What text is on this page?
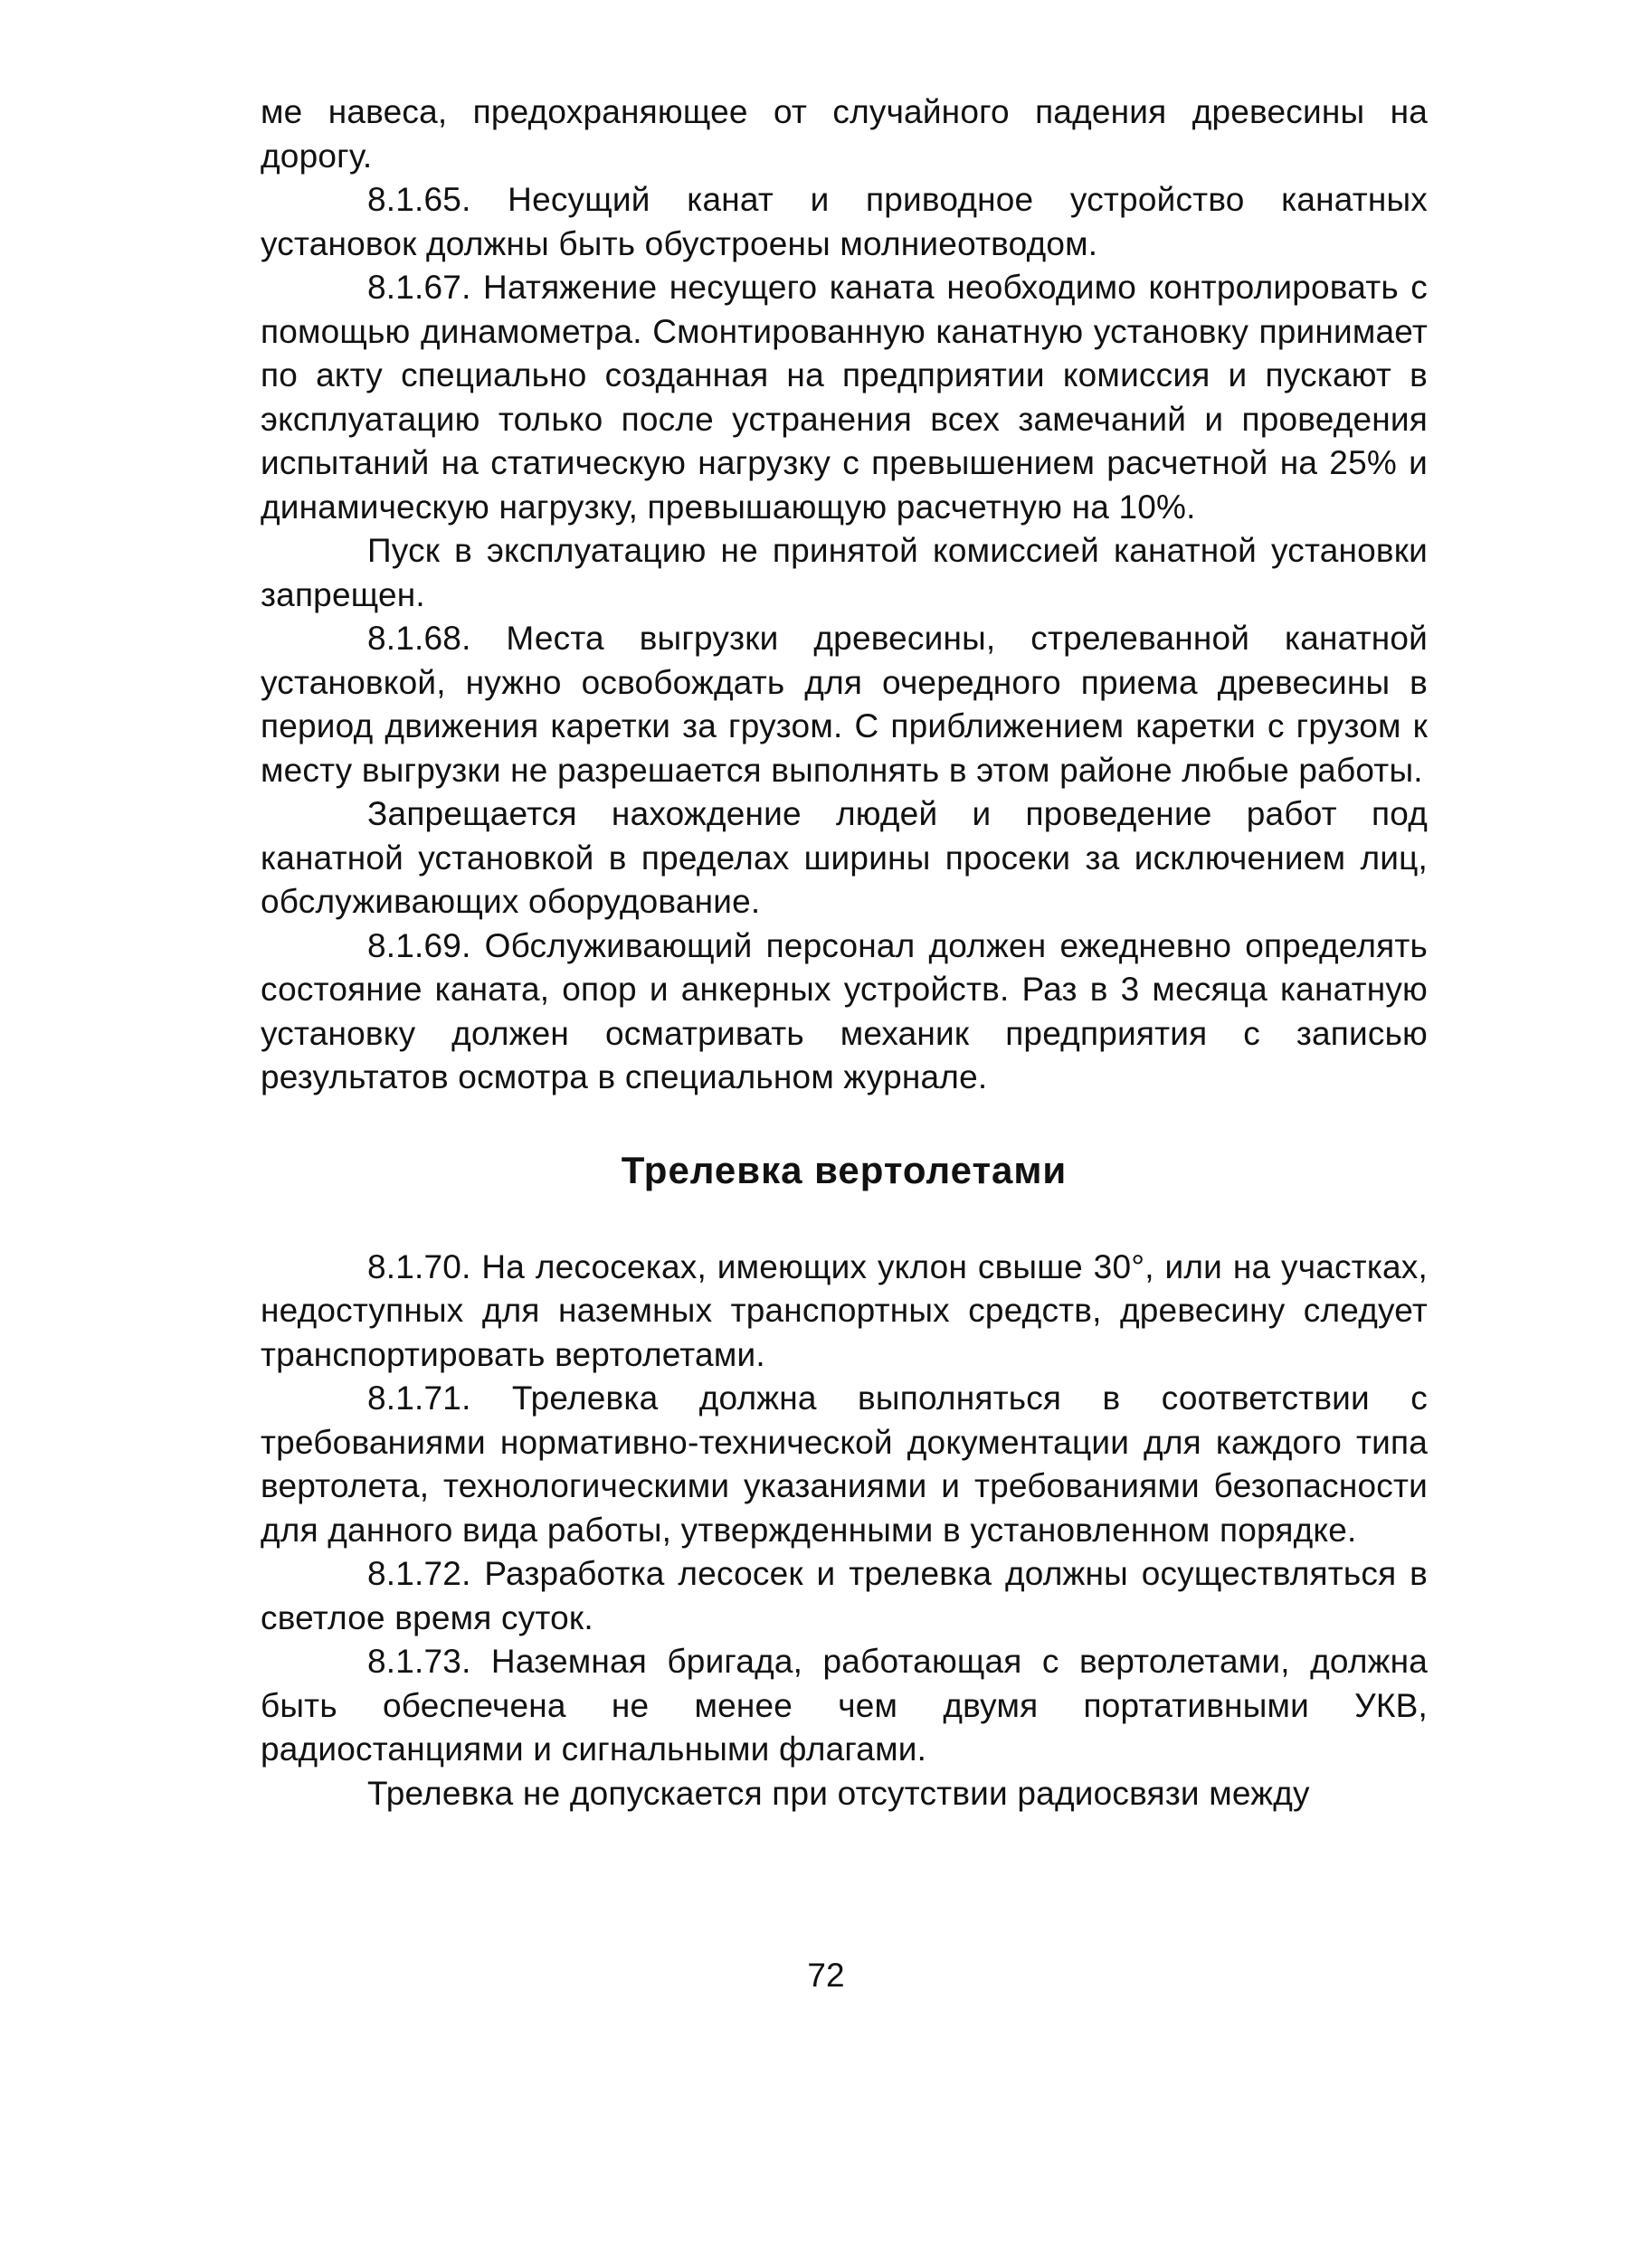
ме навеса, предохраняющее от случайного падения древесины на дорогу.

8.1.65. Несущий канат и приводное устройство канатных установок должны быть обустроены молниеотводом.

8.1.67. Натяжение несущего каната необходимо контролировать с помощью динамометра. Смонтированную канатную установку принимает по акту специально созданная на предприятии комиссия и пускают в эксплуатацию только после устранения всех замечаний и проведения испытаний на статическую нагрузку с превышением расчетной на 25% и динамическую нагрузку, превышающую расчетную на 10%.

Пуск в эксплуатацию не принятой комиссией канатной установки запрещен.

8.1.68. Места выгрузки древесины, стрелеванной канатной установкой, нужно освобождать для очередного приема древесины в период движения каретки за грузом. С приближением каретки с грузом к месту выгрузки не разрешается выполнять в этом районе любые работы.

Запрещается нахождение людей и проведение работ под канатной установкой в пределах ширины просеки за исключением лиц, обслуживающих оборудование.

8.1.69. Обслуживающий персонал должен ежедневно определять состояние каната, опор и анкерных устройств. Раз в 3 месяца канатную установку должен осматривать механик предприятия с записью результатов осмотра в специальном журнале.

Трелевка вертолетами

8.1.70. На лесосеках, имеющих уклон свыше 30°, или на участках, недоступных для наземных транспортных средств, древесину следует транспортировать вертолетами.

8.1.71. Трелевка должна выполняться в соответствии с требованиями нормативно-технической документации для каждого типа вертолета, технологическими указаниями и требованиями безопасности для данного вида работы, утвержденными в установленном порядке.

8.1.72. Разработка лесосек и трелевка должны осуществляться в светлое время суток.

8.1.73. Наземная бригада, работающая с вертолетами, должна быть обеспечена не менее чем двумя портативными УКВ, радиостанциями и сигнальными флагами.

Трелевка не допускается при отсутствии радиосвязи между

72
